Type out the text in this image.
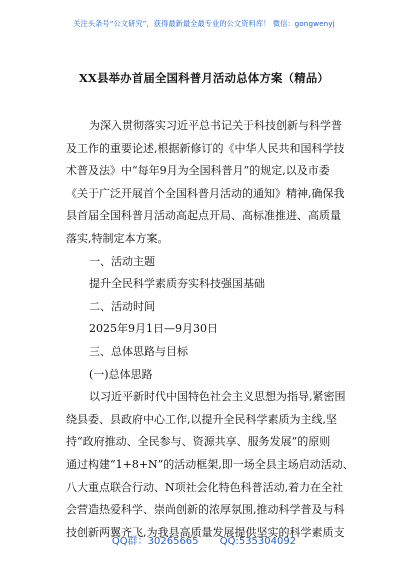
关注头条号“公文研究”，获得最新最全最专业的公文资料库！ 微信：gongwenyj
XX县举办首届全国科普月活动总体方案（精品）
为深入贯彻落实习近平总书记关于科技创新与科学普
及工作的重要论述,根据新修订的《中华人民共和国科学技
术普及法》中“每年9月为全国科普月”的规定,以及市委
《关于广泛开展首个全国科普月活动的通知》精神,确保我
县首届全国科普月活动高起点开局、高标准推进、高质量
落实,特制定本方案。
一、活动主题
提升全民科学素质夯实科技强国基础
二、活动时间
2025年9月1日—9月30日
三、总体思路与目标
(一)总体思路
以习近平新时代中国特色社会主义思想为指导,紧密围
绕县委、县政府中心工作,以提升全民科学素质为主线,坚
持“政府推动、全民参与、资源共享、服务发展”的原则
通过构建“1+8+N”的活动框架,即一场全县主场启动活动、
八大重点联合行动、N项社会化特色科普活动,着力在全社
会营造热爱科学、崇尚创新的浓厚氛围,推动科学普及与科
技创新两翼齐飞,为我县高质量发展提供坚实的科学素质支
QQ群：30265665 QQ:535304092
